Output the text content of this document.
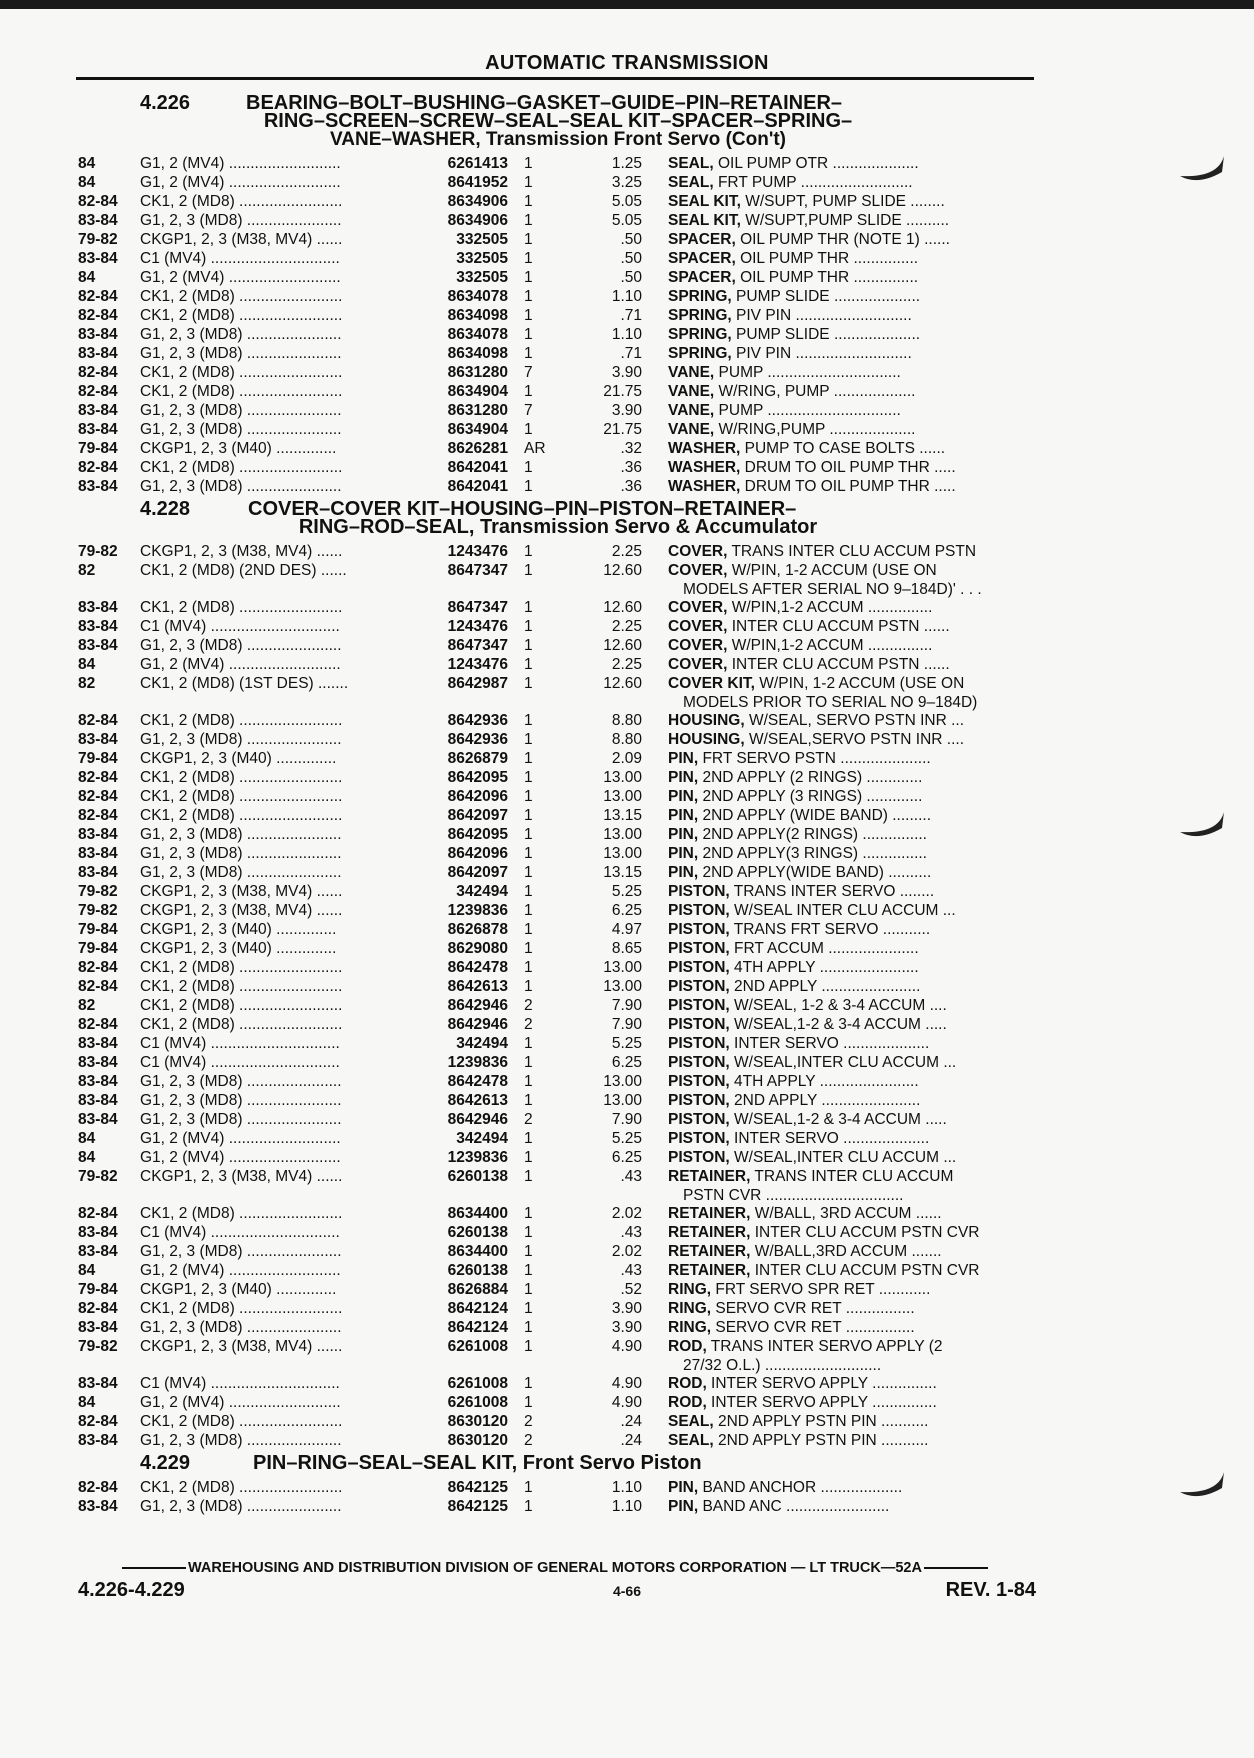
AUTOMATIC TRANSMISSION
4.226	BEARING–BOLT–BUSHING–GASKET–GUIDE–PIN–RETAINER–
RING–SCREEN–SCREW–SEAL–SEAL KIT–SPACER–SPRING–
VANE–WASHER, Transmission Front Servo (Con't)
84	G1, 2 (MV4) ..........................	6261413 1	1.25 SEAL, OIL PUMP OTR ....................
84	G1, 2 (MV4) ..........................	8641952 1	3.25 SEAL, FRT PUMP ..........................
82-84	CK1, 2 (MD8) ........................	8634906 1	5.05 SEAL KIT, W/SUPT, PUMP SLIDE ........
83-84	G1, 2, 3 (MD8) ......................	8634906 1	5.05 SEAL KIT, W/SUPT,PUMP SLIDE ..........
79-82	CKGP1, 2, 3 (M38, MV4) ......	332505 1	.50 SPACER, OIL PUMP THR (NOTE 1) ......
83-84	C1 (MV4) ..............................	332505 1	.50 SPACER, OIL PUMP THR ...............
84	G1, 2 (MV4) ..........................	332505 1	.50 SPACER, OIL PUMP THR ...............
82-84	CK1, 2 (MD8) ........................	8634078 1	1.10 SPRING, PUMP SLIDE ....................
82-84	CK1, 2 (MD8) ........................	8634098 1	.71 SPRING, PIV PIN ...........................
83-84	G1, 2, 3 (MD8) ......................	8634078 1	1.10 SPRING, PUMP SLIDE ....................
83-84	G1, 2, 3 (MD8) ......................	8634098 1	.71 SPRING, PIV PIN ...........................
82-84	CK1, 2 (MD8) ........................	8631280 7	3.90 VANE, PUMP ...............................
82-84	CK1, 2 (MD8) ........................	8634904 1	21.75 VANE, W/RING, PUMP ...................
83-84	G1, 2, 3 (MD8) ......................	8631280 7	3.90 VANE, PUMP ...............................
83-84	G1, 2, 3 (MD8) ......................	8634904 1	21.75 VANE, W/RING,PUMP ....................
79-84	CKGP1, 2, 3 (M40) ..............	8626281 AR	.32 WASHER, PUMP TO CASE BOLTS ......
82-84	CK1, 2 (MD8) ........................	8642041 1	.36 WASHER, DRUM TO OIL PUMP THR .....
83-84	G1, 2, 3 (MD8) ......................	8642041 1	.36 WASHER, DRUM TO OIL PUMP THR .....
4.228	COVER–COVER KIT–HOUSING–PIN–PISTON–RETAINER–
RING–ROD–SEAL, Transmission Servo & Accumulator
79-82	CKGP1, 2, 3 (M38, MV4) ......	1243476 1	2.25 COVER, TRANS INTER CLU ACCUM PSTN
82	CK1, 2 (MD8) (2ND DES) ......	8647347 1	12.60 COVER, W/PIN, 1-2 ACCUM (USE ON
MODELS AFTER SERIAL NO 9–184D)' . . .
83-84	CK1, 2 (MD8) ........................	8647347 1	12.60 COVER, W/PIN,1-2 ACCUM ...............
83-84	C1 (MV4) ..............................	1243476 1	2.25 COVER, INTER CLU ACCUM PSTN ......
83-84	G1, 2, 3 (MD8) ......................	8647347 1	12.60 COVER, W/PIN,1-2 ACCUM ...............
84	G1, 2 (MV4) ..........................	1243476 1	2.25 COVER, INTER CLU ACCUM PSTN ......
82	CK1, 2 (MD8) (1ST DES) .......	8642987 1	12.60 COVER KIT, W/PIN, 1-2 ACCUM (USE ON
MODELS PRIOR TO SERIAL NO 9–184D)
82-84	CK1, 2 (MD8) ........................	8642936 1	8.80 HOUSING, W/SEAL, SERVO PSTN INR ...
83-84	G1, 2, 3 (MD8) ......................	8642936 1	8.80 HOUSING, W/SEAL,SERVO PSTN INR ....
79-84	CKGP1, 2, 3 (M40) ..............	8626879 1	2.09 PIN, FRT SERVO PSTN .....................
82-84	CK1, 2 (MD8) ........................	8642095 1	13.00 PIN, 2ND APPLY (2 RINGS) .............
82-84	CK1, 2 (MD8) ........................	8642096 1	13.00 PIN, 2ND APPLY (3 RINGS) .............
82-84	CK1, 2 (MD8) ........................	8642097 1	13.15 PIN, 2ND APPLY (WIDE BAND) .........
83-84	G1, 2, 3 (MD8) ......................	8642095 1	13.00 PIN, 2ND APPLY(2 RINGS) ...............
83-84	G1, 2, 3 (MD8) ......................	8642096 1	13.00 PIN, 2ND APPLY(3 RINGS) ...............
83-84	G1, 2, 3 (MD8) ......................	8642097 1	13.15 PIN, 2ND APPLY(WIDE BAND) ..........
79-82	CKGP1, 2, 3 (M38, MV4) ......	342494 1	5.25 PISTON, TRANS INTER SERVO ........
79-82	CKGP1, 2, 3 (M38, MV4) ......	1239836 1	6.25 PISTON, W/SEAL INTER CLU ACCUM ...
79-84	CKGP1, 2, 3 (M40) ..............	8626878 1	4.97 PISTON, TRANS FRT SERVO ...........
79-84	CKGP1, 2, 3 (M40) ..............	8629080 1	8.65 PISTON, FRT ACCUM .....................
82-84	CK1, 2 (MD8) ........................	8642478 1	13.00 PISTON, 4TH APPLY .......................
82-84	CK1, 2 (MD8) ........................	8642613 1	13.00 PISTON, 2ND APPLY .......................
82	CK1, 2 (MD8) ........................	8642946 2	7.90 PISTON, W/SEAL, 1-2 & 3-4 ACCUM ....
82-84	CK1, 2 (MD8) ........................	8642946 2	7.90 PISTON, W/SEAL,1-2 & 3-4 ACCUM .....
83-84	C1 (MV4) ..............................	342494 1	5.25 PISTON, INTER SERVO ....................
83-84	C1 (MV4) ..............................	1239836 1	6.25 PISTON, W/SEAL,INTER CLU ACCUM ...
83-84	G1, 2, 3 (MD8) ......................	8642478 1	13.00 PISTON, 4TH APPLY .......................
83-84	G1, 2, 3 (MD8) ......................	8642613 1	13.00 PISTON, 2ND APPLY .......................
83-84	G1, 2, 3 (MD8) ......................	8642946 2	7.90 PISTON, W/SEAL,1-2 & 3-4 ACCUM .....
84	G1, 2 (MV4) ..........................	342494 1	5.25 PISTON, INTER SERVO ....................
84	G1, 2 (MV4) ..........................	1239836 1	6.25 PISTON, W/SEAL,INTER CLU ACCUM ...
79-82	CKGP1, 2, 3 (M38, MV4) ......	6260138 1	.43 RETAINER, TRANS INTER CLU ACCUM
PSTN CVR ................................
82-84	CK1, 2 (MD8) ........................	8634400 1	2.02 RETAINER, W/BALL, 3RD ACCUM ......
83-84	C1 (MV4) ..............................	6260138 1	.43 RETAINER, INTER CLU ACCUM PSTN CVR
83-84	G1, 2, 3 (MD8) ......................	8634400 1	2.02 RETAINER, W/BALL,3RD ACCUM .......
84	G1, 2 (MV4) ..........................	6260138 1	.43 RETAINER, INTER CLU ACCUM PSTN CVR
79-84	CKGP1, 2, 3 (M40) ..............	8626884 1	.52 RING, FRT SERVO SPR RET ............
82-84	CK1, 2 (MD8) ........................	8642124 1	3.90 RING, SERVO CVR RET ................
83-84	G1, 2, 3 (MD8) ......................	8642124 1	3.90 RING, SERVO CVR RET ................
79-82	CKGP1, 2, 3 (M38, MV4) ......	6261008 1	4.90 ROD, TRANS INTER SERVO APPLY (2
27/32 O.L.) ...........................
83-84	C1 (MV4) ..............................	6261008 1	4.90 ROD, INTER SERVO APPLY ...............
84	G1, 2 (MV4) ..........................	6261008 1	4.90 ROD, INTER SERVO APPLY ...............
82-84	CK1, 2 (MD8) ........................	8630120 2	.24 SEAL, 2ND APPLY PSTN PIN ...........
83-84	G1, 2, 3 (MD8) ......................	8630120 2	.24 SEAL, 2ND APPLY PSTN PIN ...........
4.229	PIN–RING–SEAL–SEAL KIT, Front Servo Piston
82-84	CK1, 2 (MD8) ........................	8642125 1	1.10 PIN, BAND ANCHOR ...................
83-84	G1, 2, 3 (MD8) ......................	8642125 1	1.10 PIN, BAND ANC ........................
WAREHOUSING AND DISTRIBUTION DIVISION OF GENERAL MOTORS CORPORATION — LT TRUCK—52A
4.226-4.229	4-66	REV. 1-84
